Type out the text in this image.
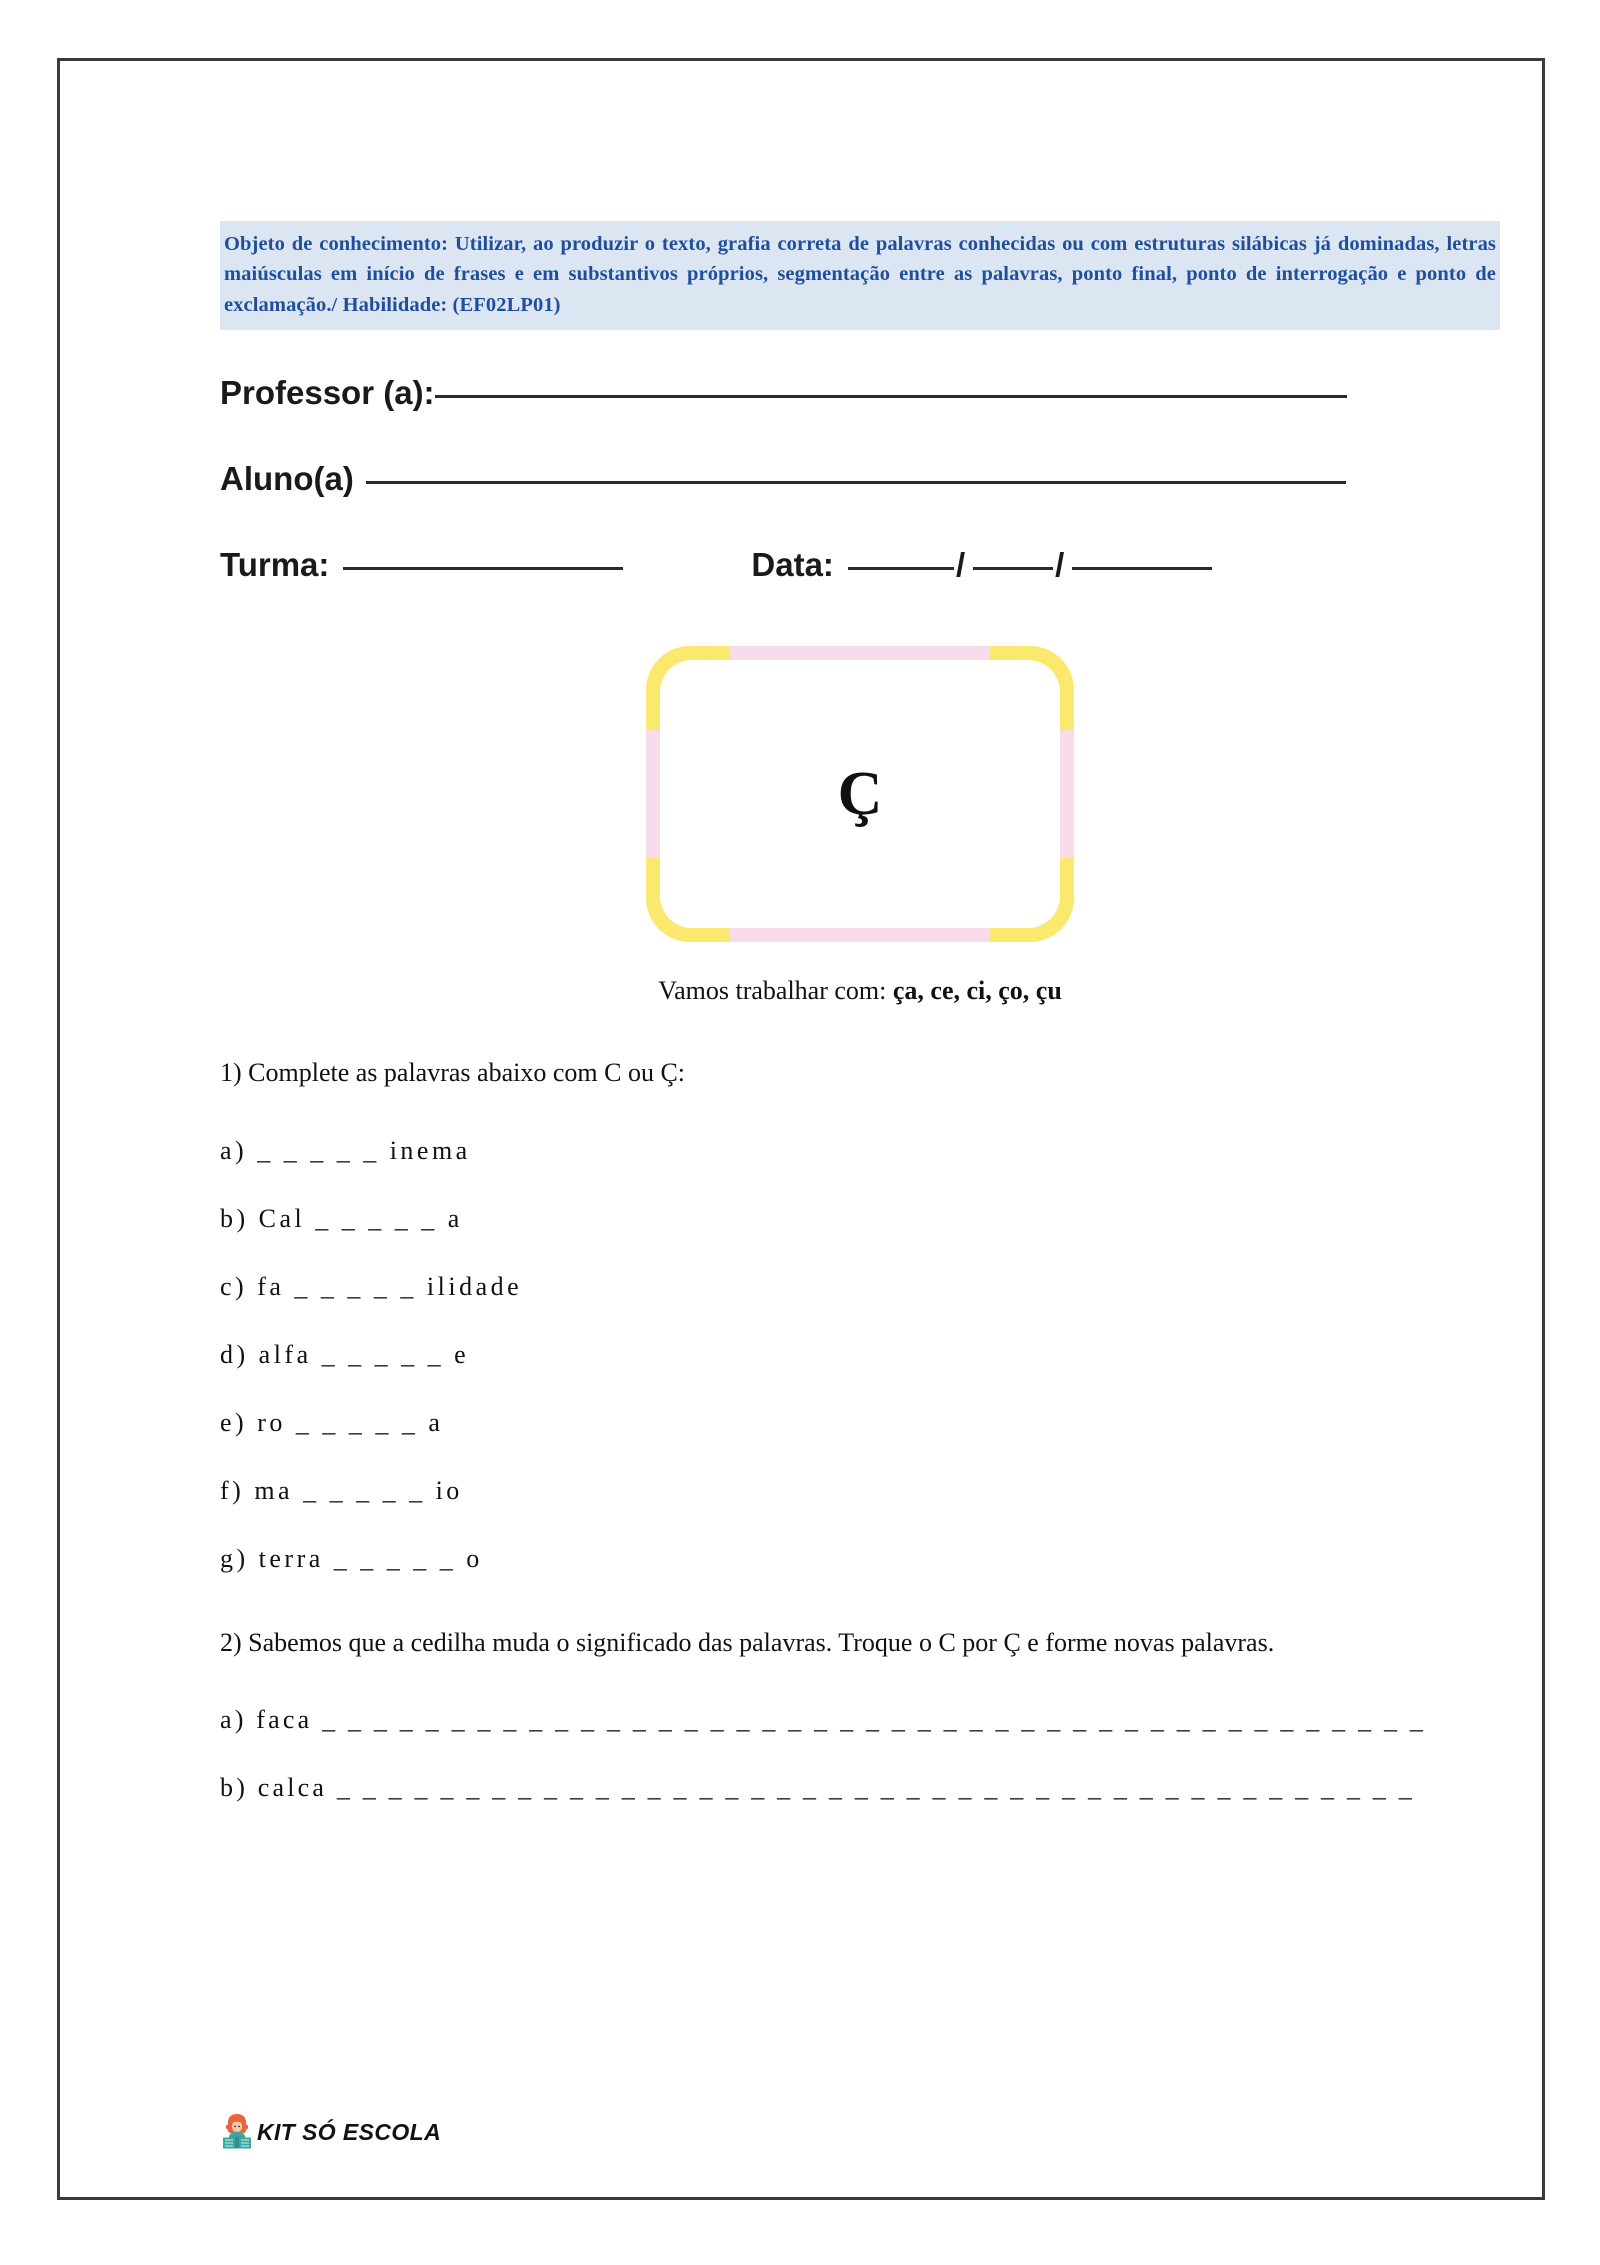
Objeto de conhecimento: Utilizar, ao produzir o texto, grafia correta de palavras conhecidas ou com estruturas silábicas já dominadas, letras maiúsculas em início de frases e em substantivos próprios, segmentação entre as palavras, ponto final, ponto de interrogação e ponto de exclamação./ Habilidade: (EF02LP01)
Professor (a):
Aluno(a)
Turma:	Data:	/	/
Ç
Vamos trabalhar com: ça, ce, ci, ço, çu
1) Complete as palavras abaixo com C ou Ç:
a) _ _ _ _ _ inema
b) Cal _ _ _ _ _ a
c) fa _ _ _ _ _ ilidade
d) alfa _ _ _ _ _ e
e) ro _ _ _ _ _ a
f) ma _ _ _ _ _ io
g) terra _ _ _ _ _ o
2) Sabemos que a cedilha muda o significado das palavras. Troque o C por Ç e forme novas palavras.
a) faca _ _ _ _ _ _ _ _ _ _ _ _ _ _ _ _ _ _ _ _ _ _ _ _ _ _ _ _ _ _ _ _ _ _ _ _ _ _ _ _ _ _ _
b) calca _ _ _ _ _ _ _ _ _ _ _ _ _ _ _ _ _ _ _ _ _ _ _ _ _ _ _ _ _ _ _ _ _ _ _ _ _ _ _ _ _ _
KIT SÓ ESCOLA
